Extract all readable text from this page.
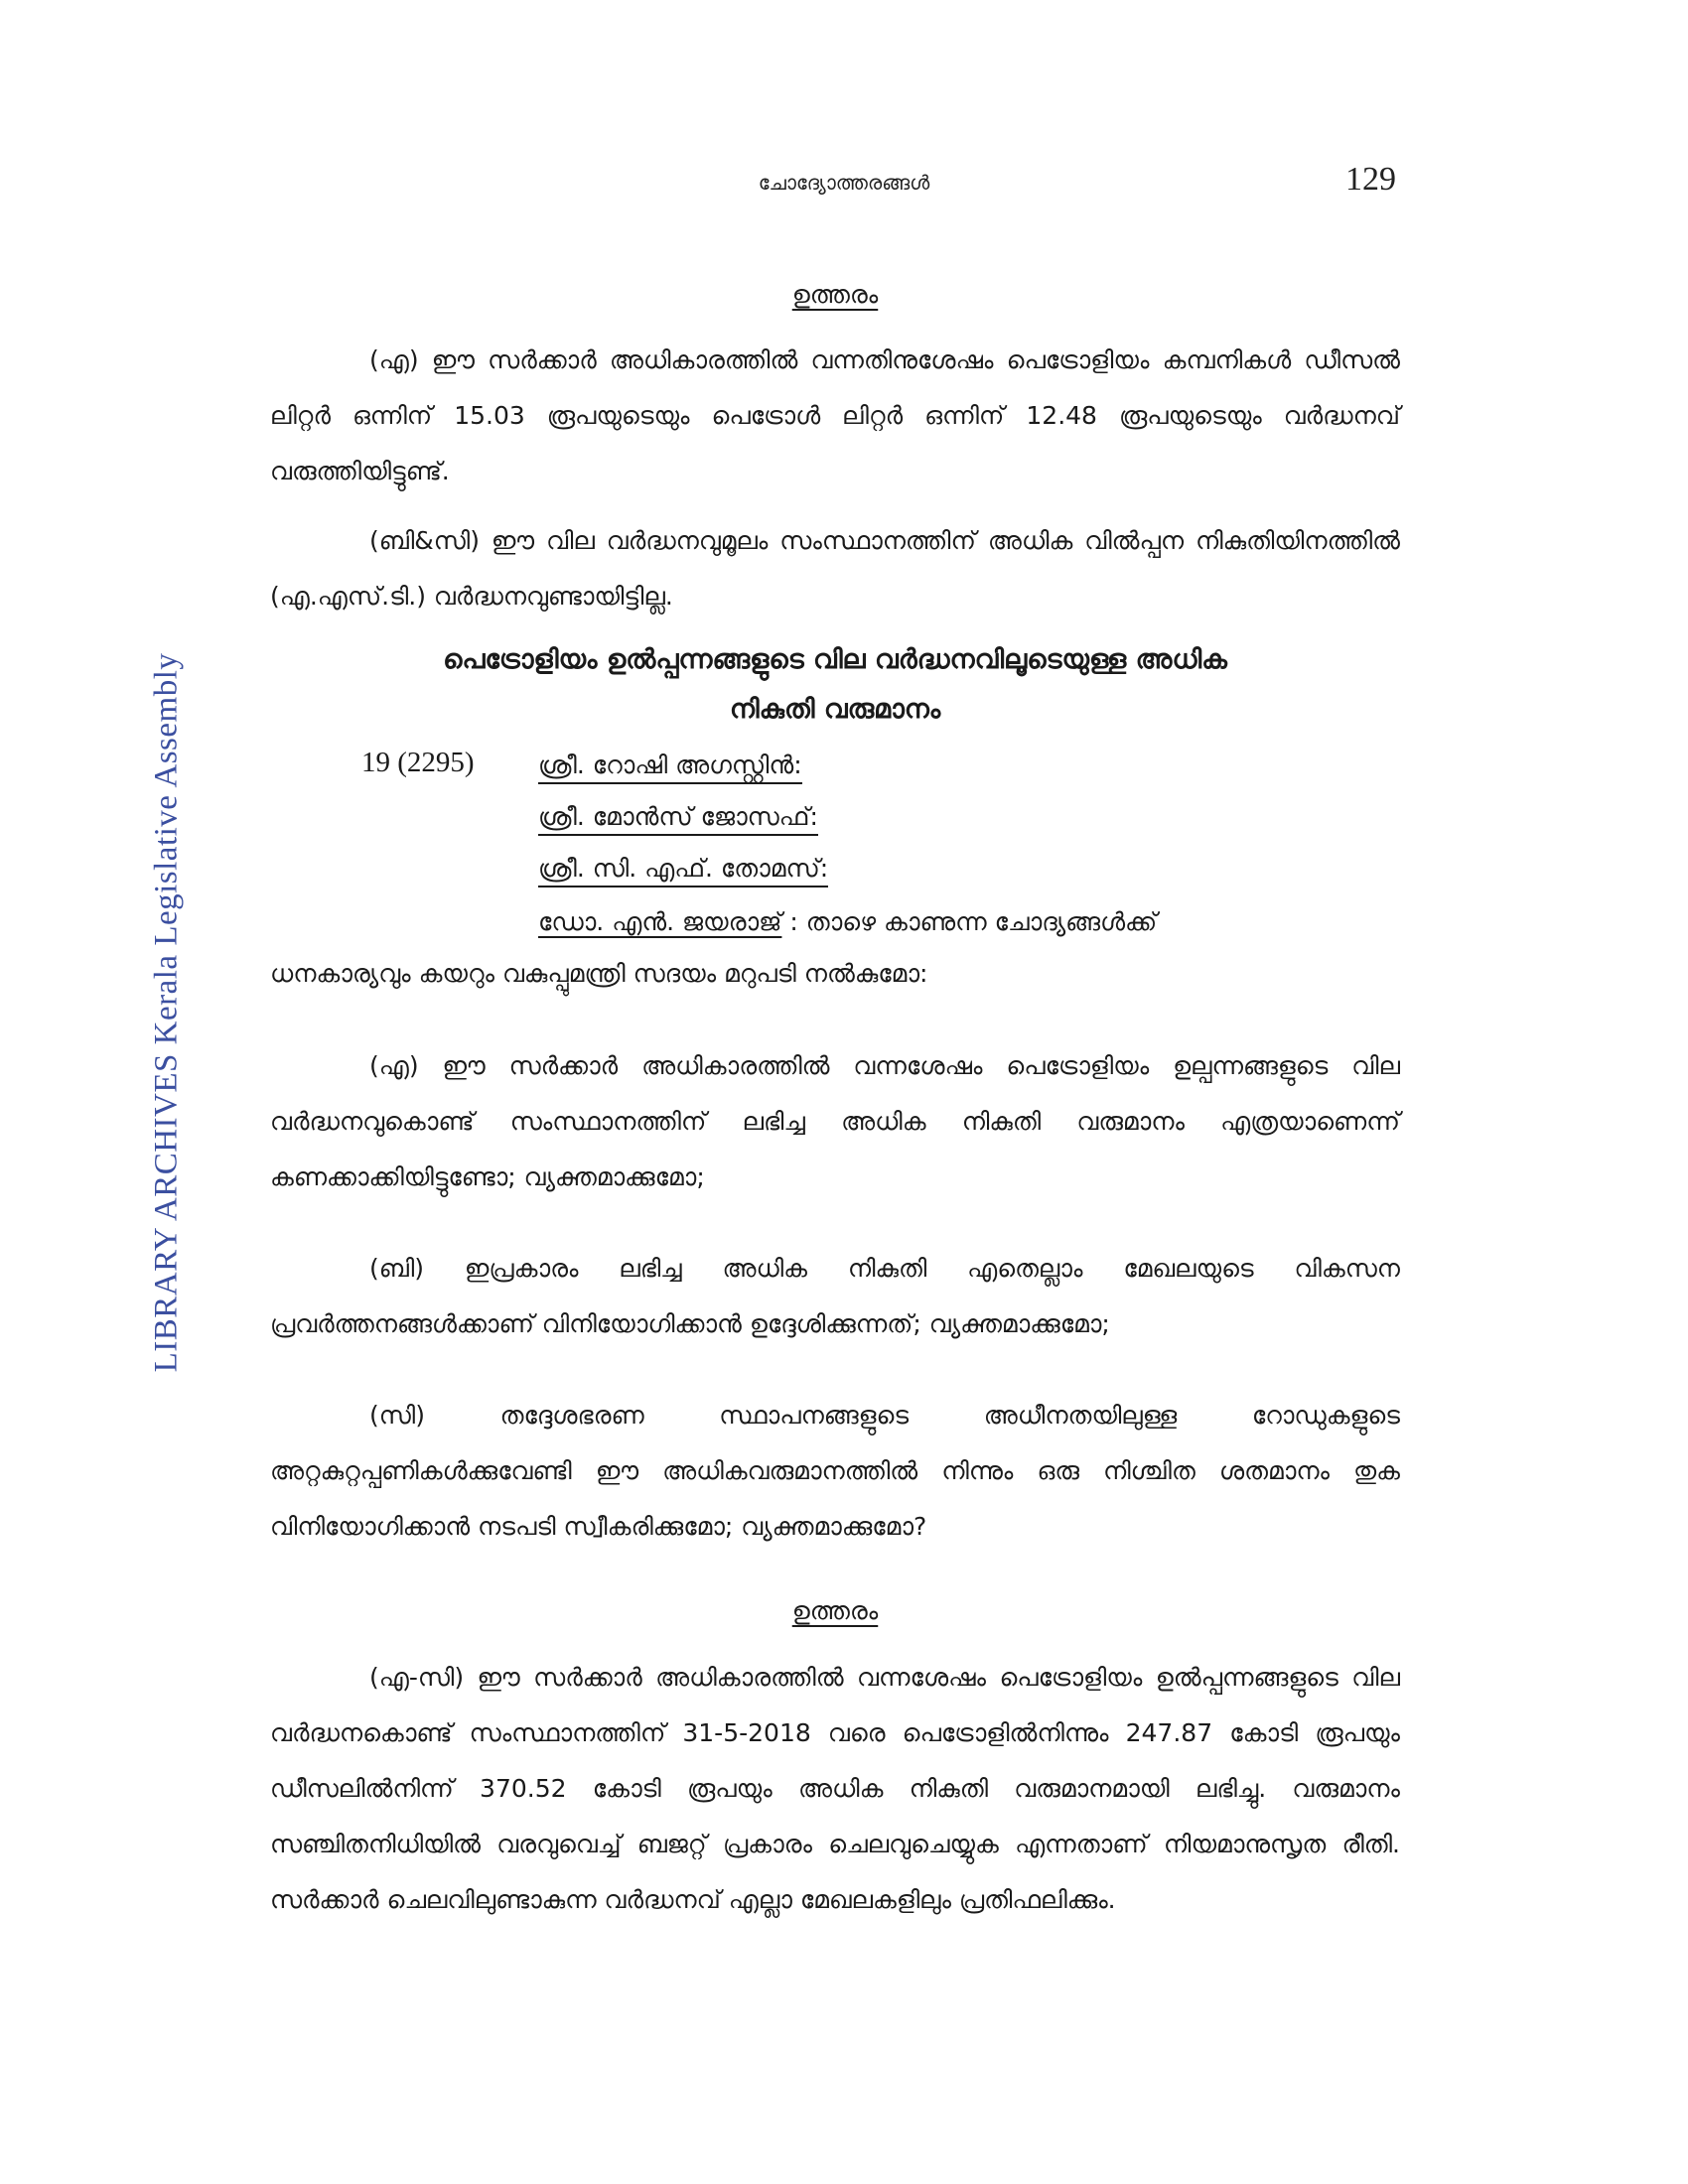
LIBRARY ARCHIVES Kerala Legislative Assembly
ചോദ്യോത്തരങ്ങൾ	129
ഉത്തരം

(എ) ഈ സർക്കാർ അധികാരത്തിൽ വന്നതിനുശേഷം പെട്രോളിയം കമ്പനികൾ ഡീസൽ ലിറ്റർ ഒന്നിന് 15.03 രൂപയുടെയും പെട്രോൾ ലിറ്റർ ഒന്നിന് 12.48 രൂപയുടെയും വർദ്ധനവ് വരുത്തിയിട്ടുണ്ട്.

(ബി&സി) ഈ വില വർദ്ധനവുമൂലം സംസ്ഥാനത്തിന് അധിക വിൽപ്പന നികുതിയിനത്തിൽ (എ.എസ്.ടി.) വർദ്ധനവുണ്ടായിട്ടില്ല.

പെട്രോളിയം ഉൽപ്പന്നങ്ങളുടെ വില വർദ്ധനവിലൂടെയുള്ള അധിക
നികുതി വരുമാനം
19 (2295)	ശ്രീ. റോഷി അഗസ്റ്റിൻ:
ശ്രീ. മോൻസ് ജോസഫ്:
ശ്രീ. സി. എഫ്. തോമസ്:
ഡോ. എൻ. ജയരാജ് : താഴെ കാണുന്ന ചോദ്യങ്ങൾക്ക്
ധനകാര്യവും കയറും വകുപ്പുമന്ത്രി സദയം മറുപടി നൽകുമോ:

(എ) ഈ സർക്കാർ അധികാരത്തിൽ വന്നശേഷം പെട്രോളിയം ഉല്പന്നങ്ങളുടെ വില വർദ്ധനവുകൊണ്ട് സംസ്ഥാനത്തിന് ലഭിച്ച അധിക നികുതി വരുമാനം എത്രയാണെന്ന് കണക്കാക്കിയിട്ടുണ്ടോ; വ്യക്തമാക്കുമോ;

(ബി) ഇപ്രകാരം ലഭിച്ച അധിക നികുതി എതെല്ലാം മേഖലയുടെ വികസന പ്രവർത്തനങ്ങൾക്കാണ് വിനിയോഗിക്കാൻ ഉദ്ദേശിക്കുന്നത്; വ്യക്തമാക്കുമോ;

(സി) തദ്ദേശഭരണ സ്ഥാപനങ്ങളുടെ അധീനതയിലുള്ള റോഡുകളുടെ അറ്റകുറ്റപ്പണികൾക്കുവേണ്ടി ഈ അധികവരുമാനത്തിൽ നിന്നും ഒരു നിശ്ചിത ശതമാനം തുക വിനിയോഗിക്കാൻ നടപടി സ്വീകരിക്കുമോ; വ്യക്തമാക്കുമോ?

ഉത്തരം

(എ-സി) ഈ സർക്കാർ അധികാരത്തിൽ വന്നശേഷം പെട്രോളിയം ഉൽപ്പന്നങ്ങളുടെ വില വർദ്ധനകൊണ്ട് സംസ്ഥാനത്തിന് 31-5-2018 വരെ പെട്രോളിൽനിന്നും 247.87 കോടി രൂപയും ഡീസലിൽനിന്ന് 370.52 കോടി രൂപയും അധിക നികുതി വരുമാനമായി ലഭിച്ചു. വരുമാനം സഞ്ചിതനിധിയിൽ വരവുവെച്ച് ബജറ്റ് പ്രകാരം ചെലവുചെയ്യുക എന്നതാണ് നിയമാനുസൃത രീതി. സർക്കാർ ചെലവിലുണ്ടാകുന്ന വർദ്ധനവ് എല്ലാ മേഖലകളിലും പ്രതിഫലിക്കും.
